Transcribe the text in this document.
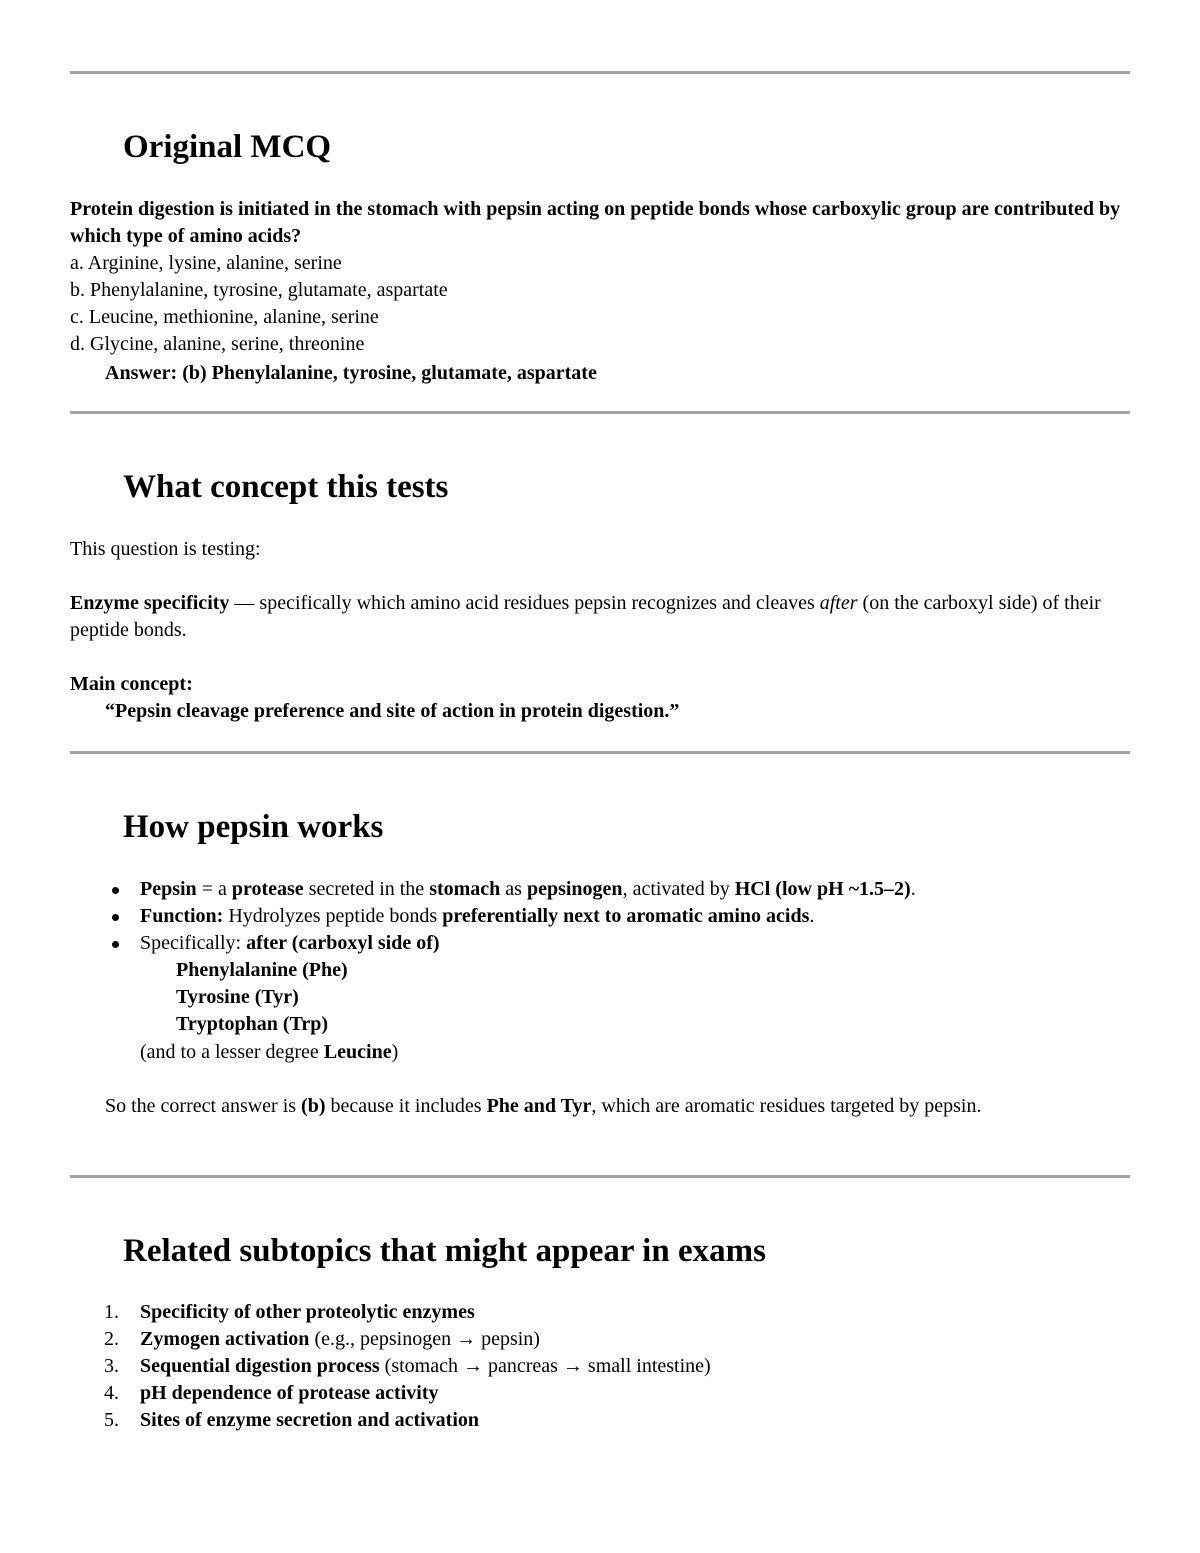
Original MCQ

Protein digestion is initiated in the stomach with pepsin acting on peptide bonds whose carboxylic group are contributed by which type of amino acids?

a. Arginine, lysine, alanine, serine

b. Phenylalanine, tyrosine, glutamate, aspartate

c. Leucine, methionine, alanine, serine

d. Glycine, alanine, serine, threonine

Answer: (b) Phenylalanine, tyrosine, glutamate, aspartate

What concept this tests

This question is testing:

Enzyme specificity — specifically which amino acid residues pepsin recognizes and cleaves after (on the carboxyl side) of their peptide bonds.

Main concept:

“Pepsin cleavage preference and site of action in protein digestion.”

How pepsin works
Pepsin = a protease secreted in the stomach as pepsinogen, activated by HCl (low pH ~1.5–2).
Function: Hydrolyzes peptide bonds preferentially next to aromatic amino acids.
Specifically: after (carboxyl side of)

Phenylalanine (Phe)

Tyrosine (Tyr)

Tryptophan (Trp)

(and to a lesser degree Leucine)

So the correct answer is (b) because it includes Phe and Tyr, which are aromatic residues targeted by pepsin.

Related subtopics that might appear in exams
1. Specificity of other proteolytic enzymes
2. Zymogen activation (e.g., pepsinogen → pepsin)
3. Sequential digestion process (stomach → pancreas → small intestine)
4. pH dependence of protease activity
5. Sites of enzyme secretion and activation
